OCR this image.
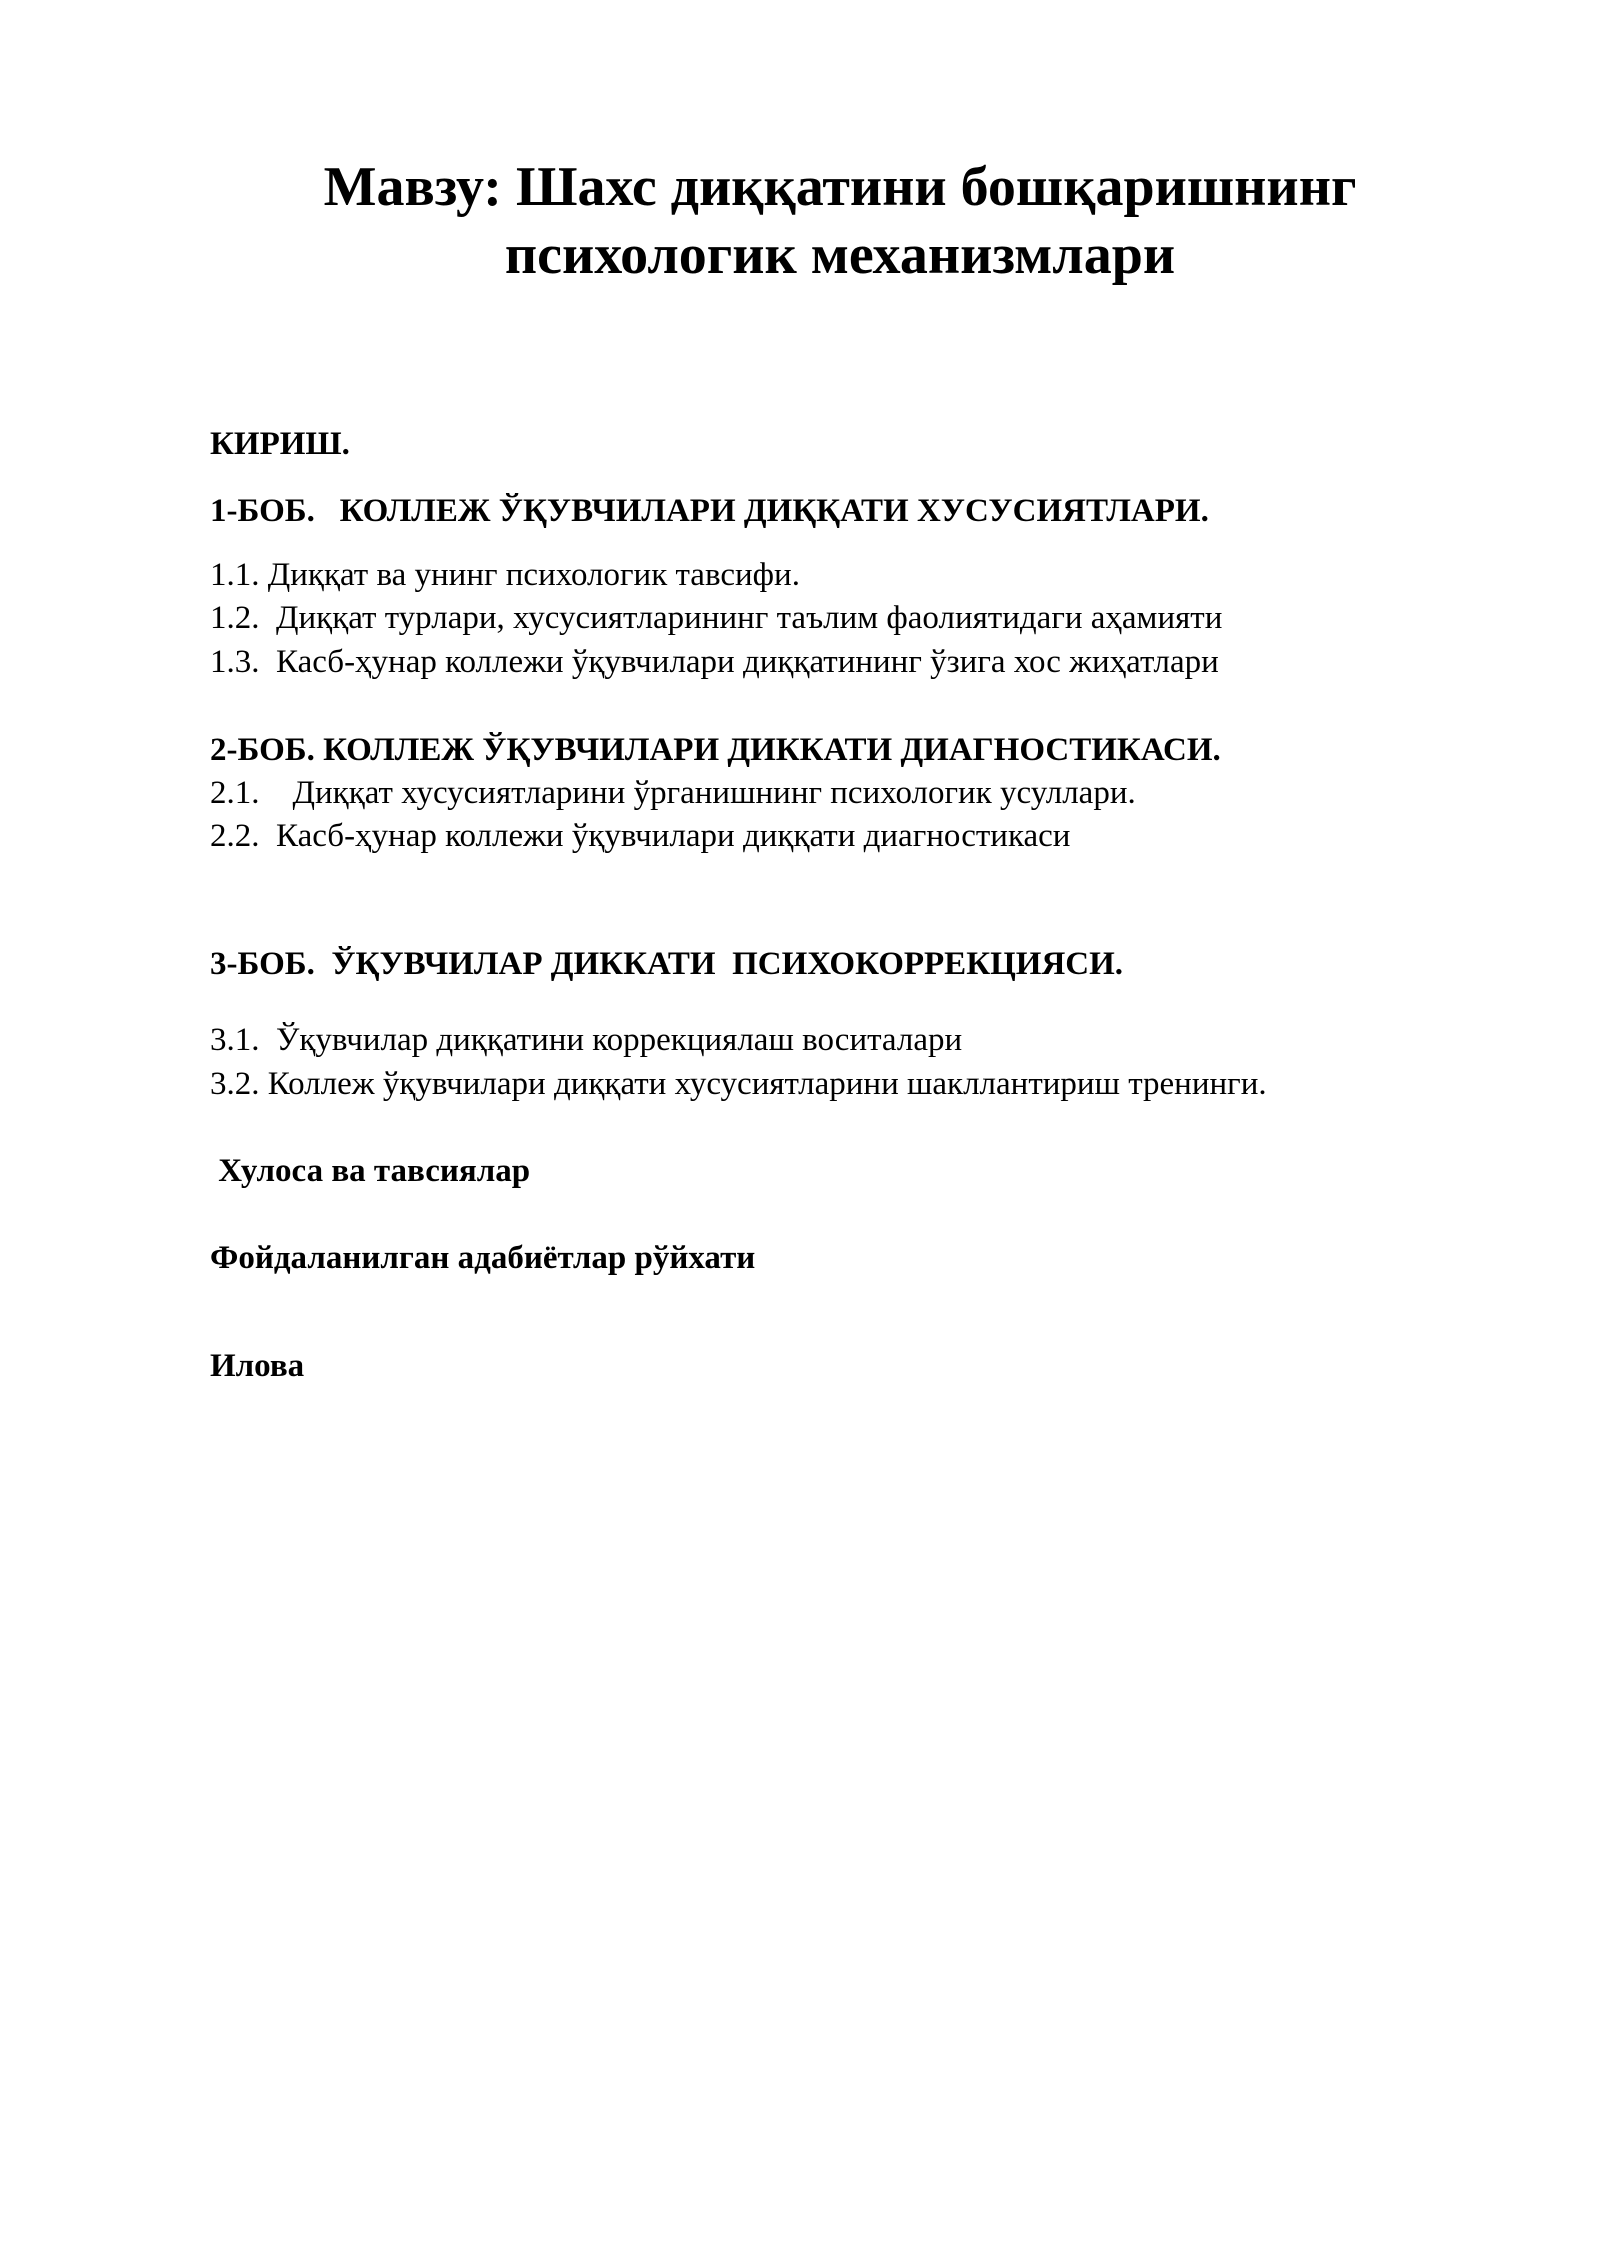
Мавзу: Шахс диққатини бошқаришнинг
психологик механизмлари
КИРИШ.
1-БОБ.   КОЛЛЕЖ ЎҚУВЧИЛАРИ ДИҚҚАТИ ХУСУСИЯТЛАРИ.
1.1. Диққат ва унинг психологик тавсифи.
1.2.  Диққат турлари, хусусиятларининг таълим фаолиятидаги аҳамияти
1.3.  Касб-ҳунар коллежи ўқувчилари диққатининг ўзига хос жиҳатлари
2-БОБ. КОЛЛЕЖ ЎҚУВЧИЛАРИ ДИККАТИ ДИАГНОСТИКАСИ.
2.1.    Диққат хусусиятларини ўрганишнинг психологик усуллари.
2.2.  Касб-ҳунар коллежи ўқувчилари диққати диагностикаси
3-БОБ.  ЎҚУВЧИЛАР ДИККАТИ  ПСИХОКОРРЕКЦИЯСИ.
3.1.  Ўқувчилар диққатини коррекциялаш воситалари
3.2. Коллеж ўқувчилари диққати хусусиятларини шакллантириш тренинги.
Хулоса ва тавсиялар
Фойдаланилган адабиётлар рўйхати
Илова
